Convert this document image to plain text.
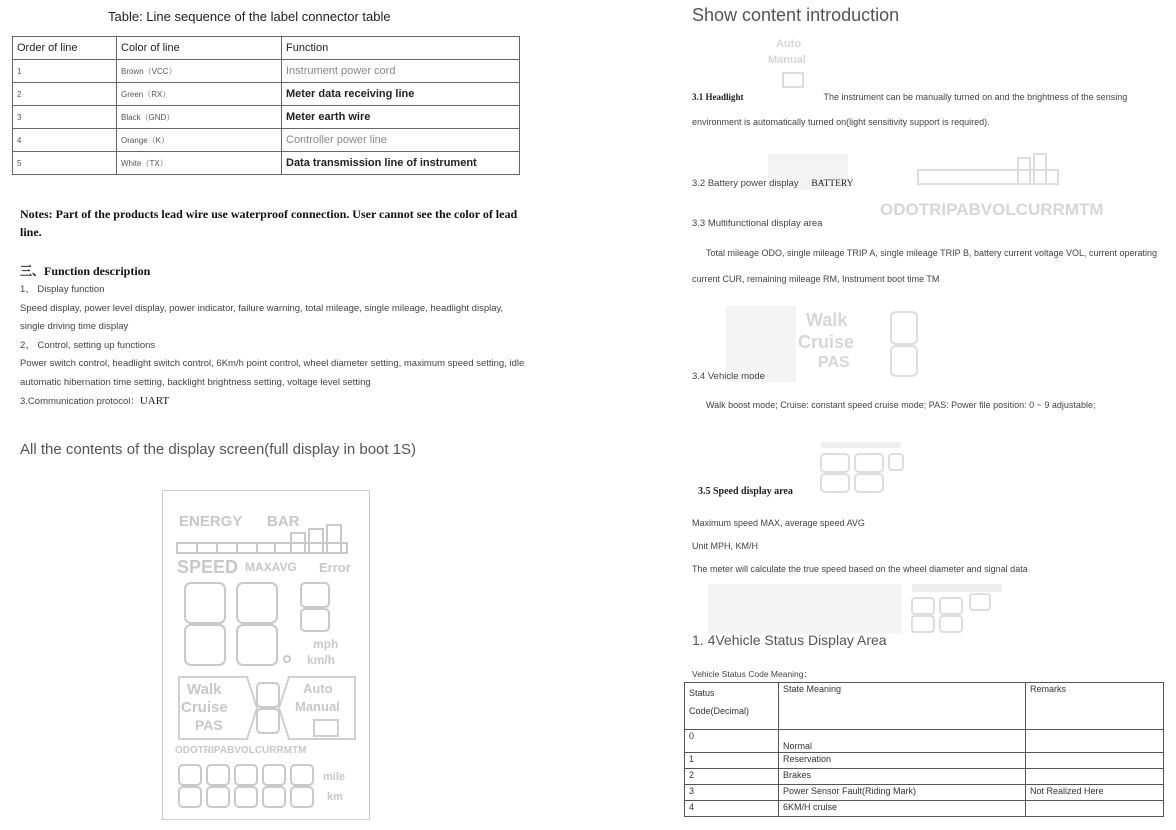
Table: Line sequence of the label connector table
Order of line	Color of line	Function
1	Brown（VCC）	Instrument power cord
2	Green（RX）	Meter data receiving line
3	Black（GND）	Meter earth wire
4	Orange（K）	Controller power line
5	White（TX）	Data transmission line of instrument
Notes: Part of the products lead wire use waterproof connection. User cannot see the color of lead line.
三、Function description
1、 Display function
Speed display, power level display, power indicator, failure warning, total mileage, single mileage, headlight display, single driving time display
2、 Control, setting up functions
Power switch control, headlight switch control, 6Km/h point control, wheel diameter setting, maximum speed setting, idle automatic hibernation time setting, backlight brightness setting, voltage level setting
3.Communication protocol：UART
All the contents of the display screen(full display in boot 1S)
ENERGY BAR
SPEED MAXAVG Error
mph
km/h
Walk
Cruise
PAS
Auto
Manual
ODOTRIPABVOLCURRMTM
mile
km
Show content introduction
Auto
Manual
3.1 Headlight	The instrument can be manually turned on and the brightness of the sensing environment is automatically turned on(light sensitivity support is required).
3.2 Battery power display BATTERY
3.3 Multifunctional display area
ODOTRIPABVOLCURRMTM
Total mileage ODO, single mileage TRIP A, single mileage TRIP B, battery current voltage VOL, current operating current CUR, remaining mileage RM, Instrument boot time TM
Walk
Cruise
PAS
3.4 Vehicle mode
Walk boost mode; Cruise: constant speed cruise mode; PAS: Power file position: 0 ~ 9 adjustable;
3.5 Speed display area
Maximum speed MAX, average speed AVG
Unit MPH, KM/H
The meter will calculate the true speed based on the wheel diameter and signal data
1. 4Vehicle Status Display Area
Vehicle Status Code Meaning：
Status Code(Decimal)	State Meaning	Remarks
0	Normal	
1	Reservation	
2	Brakes	
3	Power Sensor Fault(Riding Mark)	Not Realized Here
4	6KM/H cruise	
